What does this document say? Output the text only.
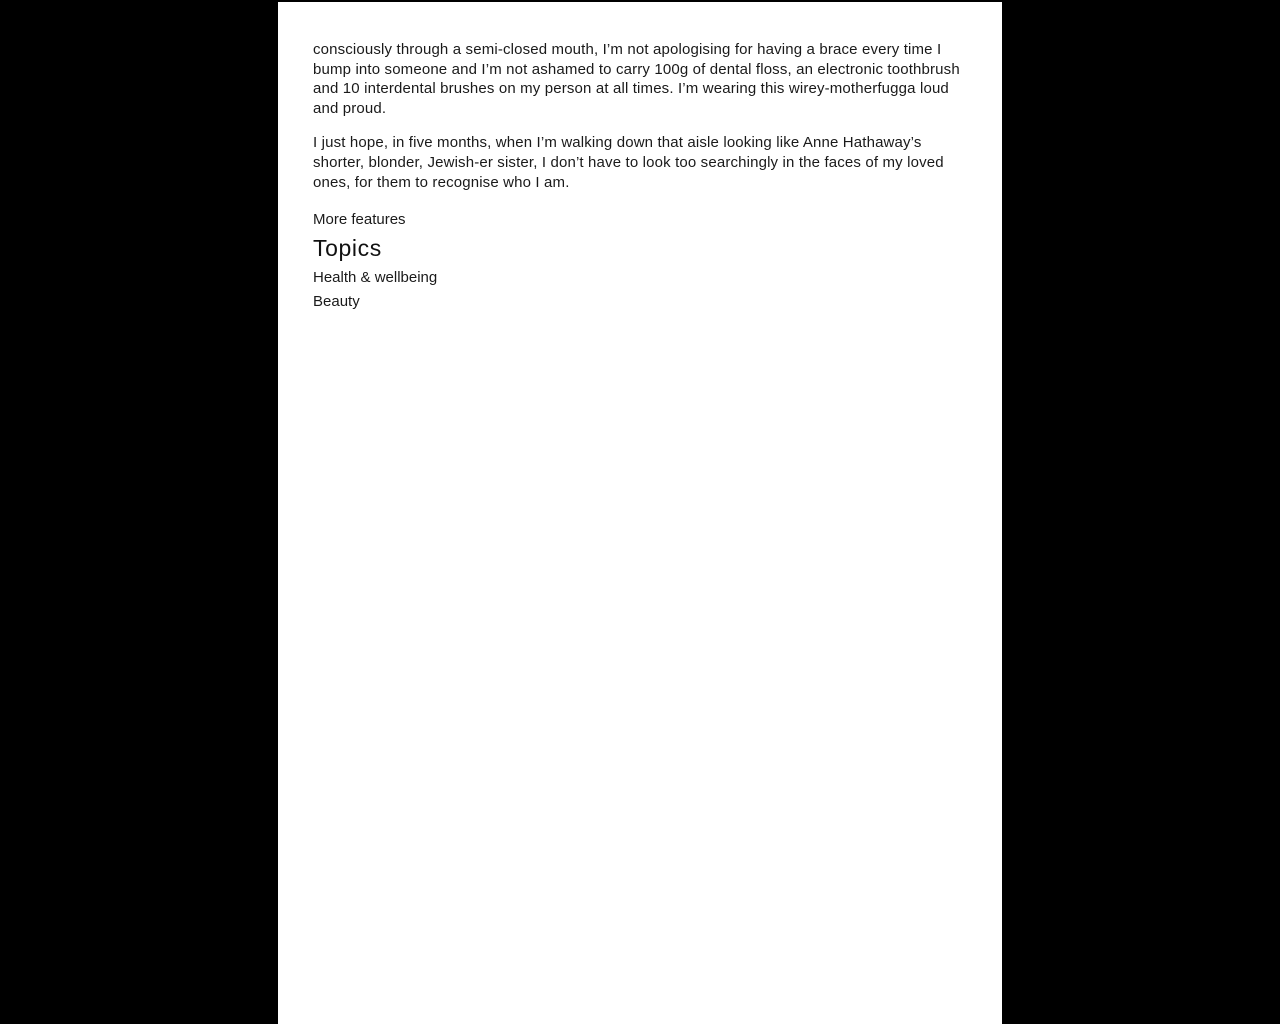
consciously through a semi-closed mouth, I’m not apologising for having a brace every time I bump into someone and I’m not ashamed to carry 100g of dental floss, an electronic toothbrush and 10 interdental brushes on my person at all times. I’m wearing this wirey-motherfugga loud and proud.

I just hope, in five months, when I’m walking down that aisle looking like Anne Hathaway’s shorter, blonder, Jewish-er sister, I don’t have to look too searchingly in the faces of my loved ones, for them to recognise who I am.

More features
Topics
Health & wellbeing
Beauty
